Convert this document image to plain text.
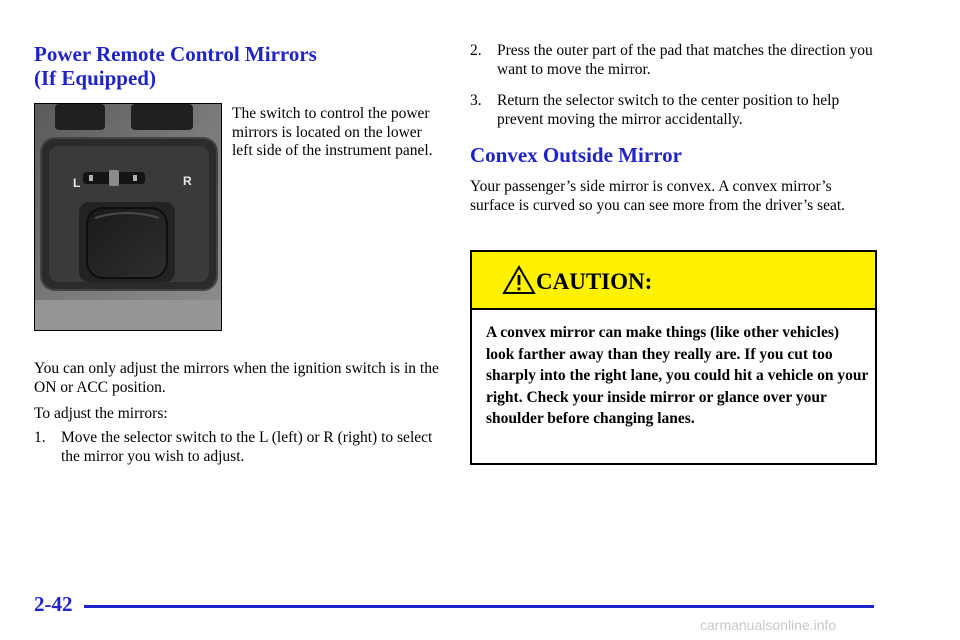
Power Remote Control Mirrors
(If Equipped)
L	R
The switch to control the power mirrors is located on the lower left side of the instrument panel.
You can only adjust the mirrors when the ignition switch is in the ON or ACC position.
To adjust the mirrors:
1. Move the selector switch to the L (left) or R (right) to select the mirror you wish to adjust.
2. Press the outer part of the pad that matches the direction you want to move the mirror.
3. Return the selector switch to the center position to help prevent moving the mirror accidentally.
Convex Outside Mirror
Your passenger’s side mirror is convex. A convex mirror’s surface is curved so you can see more from the driver’s seat.
CAUTION:
A convex mirror can make things (like other vehicles) look farther away than they really are. If you cut too sharply into the right lane, you could hit a vehicle on your right. Check your inside mirror or glance over your shoulder before changing lanes.
2-42
carmanualsonline.info
